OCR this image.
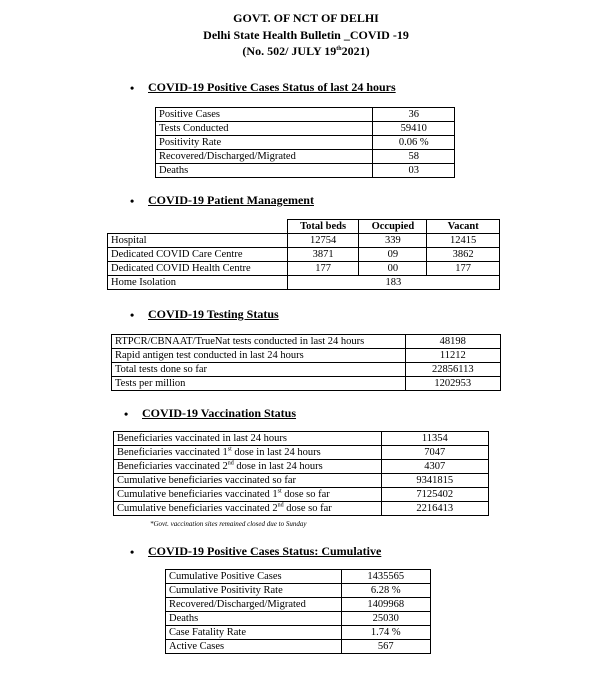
GOVT. OF NCT OF DELHI
Delhi State Health Bulletin _COVID -19
(No. 502/ JULY 19th2021)
• COVID-19 Positive Cases Status of last 24 hours
Positive Cases	36
Tests Conducted	59410
Positivity Rate	0.06 %
Recovered/Discharged/Migrated	58
Deaths	03
• COVID-19 Patient Management
	Total beds	Occupied	Vacant
Hospital	12754	339	12415
Dedicated COVID Care Centre	3871	09	3862
Dedicated COVID Health Centre	177	00	177
Home Isolation	183		
• COVID-19 Testing Status
RTPCR/CBNAAT/TrueNat tests conducted in last 24 hours	48198
Rapid antigen test conducted in last 24 hours	11212
Total tests done so far	22856113
Tests per million	1202953
• COVID-19 Vaccination Status
Beneficiaries vaccinated in last 24 hours	11354
Beneficiaries vaccinated 1st dose in last 24 hours	7047
Beneficiaries vaccinated 2nd dose in last 24 hours	4307
Cumulative beneficiaries vaccinated so far	9341815
Cumulative beneficiaries vaccinated 1st dose so far	7125402
Cumulative beneficiaries vaccinated 2nd dose so far	2216413
*Govt. vaccination sites remained closed due to Sunday
• COVID-19 Positive Cases Status: Cumulative
Cumulative Positive Cases	1435565
Cumulative Positivity Rate	6.28 %
Recovered/Discharged/Migrated	1409968
Deaths	25030
Case Fatality Rate	1.74 %
Active Cases	567
